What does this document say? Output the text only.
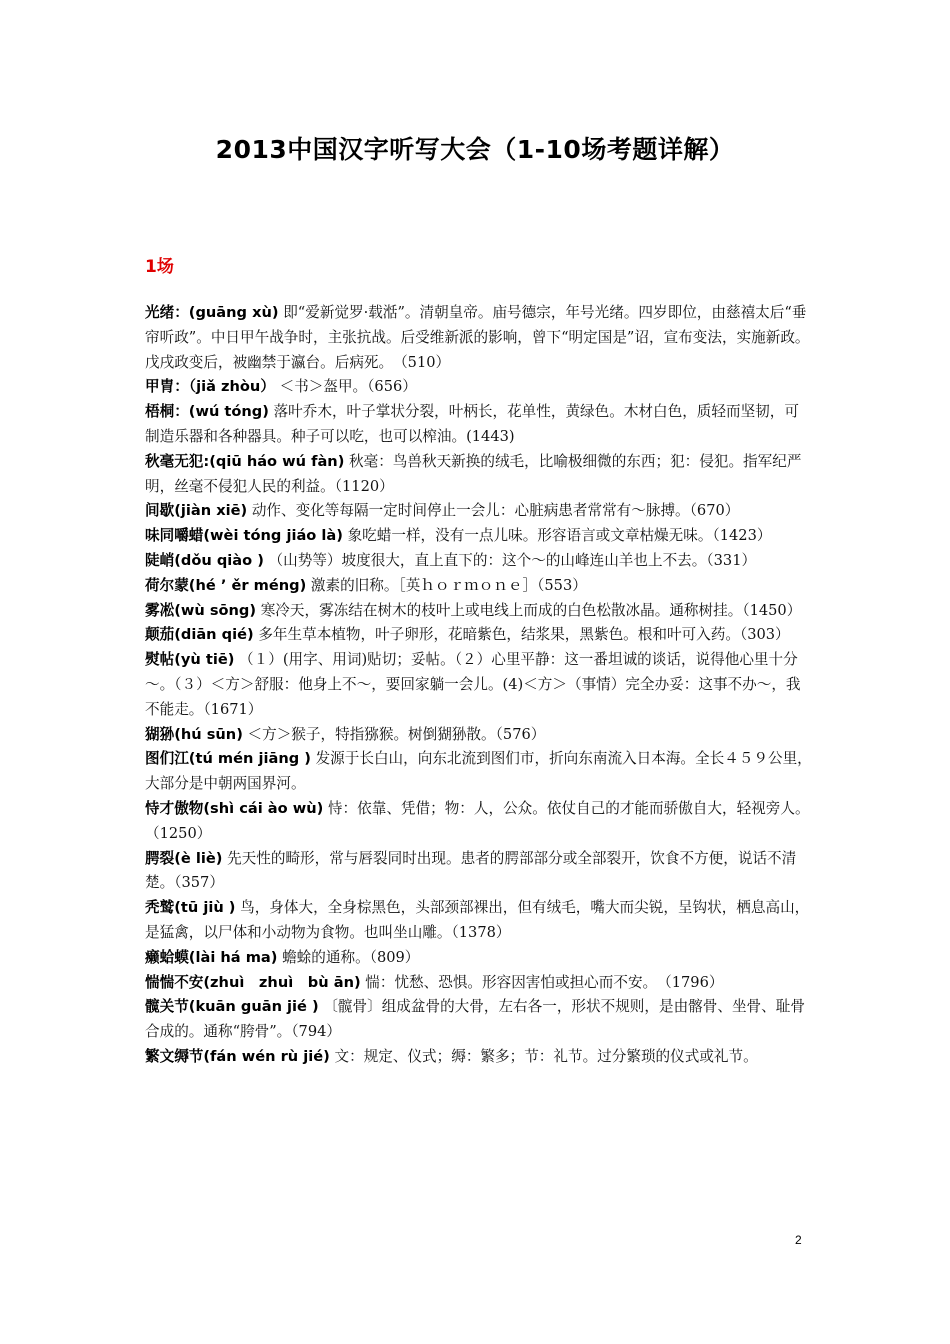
2013中国汉字听写大会（1-10场考题详解）
1场

光绪：(guāng xù) 即“爱新觉罗·载湉”。清朝皇帝。庙号德宗，年号光绪。四岁即位，由慈禧太后“垂帘听政”。中日甲午战争时，主张抗战。后受维新派的影响，曾下“明定国是”诏，宣布变法，实施新政。戊戌政变后，被幽禁于瀛台。后病死。　（510）

甲胄：（jiǎ zhòu） ＜书＞盔甲。（656）

梧桐：(wú tóng) 落叶乔木，叶子掌状分裂，叶柄长，花单性，黄绿色。木材白色，质轻而坚韧，可制造乐器和各种器具。种子可以吃，也可以榨油。(1443)

秋毫无犯:(qiū háo wú fàn) 秋毫：鸟兽秋天新换的绒毛，比喻极细微的东西；犯：侵犯。指军纪严明，丝毫不侵犯人民的利益。（1120）

间歇(jiàn xiē) 动作、变化等每隔一定时间停止一会儿：心脏病患者常常有～脉搏。（670）

味同嚼蜡(wèi tóng jiáo là) 象吃蜡一样，没有一点儿味。形容语言或文章枯燥无味。（1423）

陡峭(dǒu qiào ) （山势等）坡度很大，直上直下的：这个～的山峰连山羊也上不去。（331）

荷尔蒙(hé ’ ěr méng) 激素的旧称。［英ｈｏｒｍｏｎｅ］（553）

雾凇(wù sōng) 寒冷天，雾冻结在树木的枝叶上或电线上而成的白色松散冰晶。通称树挂。（1450）

颠茄(diān qié) 多年生草本植物，叶子卵形，花暗紫色，结浆果，黑紫色。根和叶可入药。（303）

熨帖(yù tiē) （１）(用字、用词)贴切；妥帖。（２）心里平静：这一番坦诚的谈话，说得他心里十分～。（３）＜方＞舒服：他身上不～，要回家躺一会儿。(4)＜方＞（事情）完全办妥：这事不办～，我不能走。（1671）

猢狲(hú sūn) ＜方＞猴子，特指猕猴。树倒猢狲散。（576）

图们江(tú mén jiāng ) 发源于长白山，向东北流到图们市，折向东南流入日本海。全长４５９公里，大部分是中朝两国界河。

恃才傲物(shì cái ào wù) 恃：依靠、凭借；物：人，公众。依仗自己的才能而骄傲自大，轻视旁人。（1250）

腭裂(è liè) 先天性的畸形，常与唇裂同时出现。患者的腭部部分或全部裂开，饮食不方便，说话不清楚。（357）

秃鹫(tū jiù ) 鸟，身体大，全身棕黑色，头部颈部裸出，但有绒毛，嘴大而尖锐，呈钩状，栖息高山，是猛禽，以尸体和小动物为食物。也叫坐山雕。（1378）

癞蛤蟆(lài há ma) 蟾蜍的通称。（809）

惴惴不安(zhuì　zhuì　bù ān) 惴：忧愁、恐惧。形容因害怕或担心而不安。　（1796）

髋关节(kuān guān jié ) 〔髋骨〕组成盆骨的大骨，左右各一，形状不规则，是由髂骨、坐骨、耻骨合成的。通称“胯骨”。（794）

繁文缛节(fán wén rù jié) 文：规定、仪式；缛：繁多；节：礼节。过分繁琐的仪式或礼节。

2
